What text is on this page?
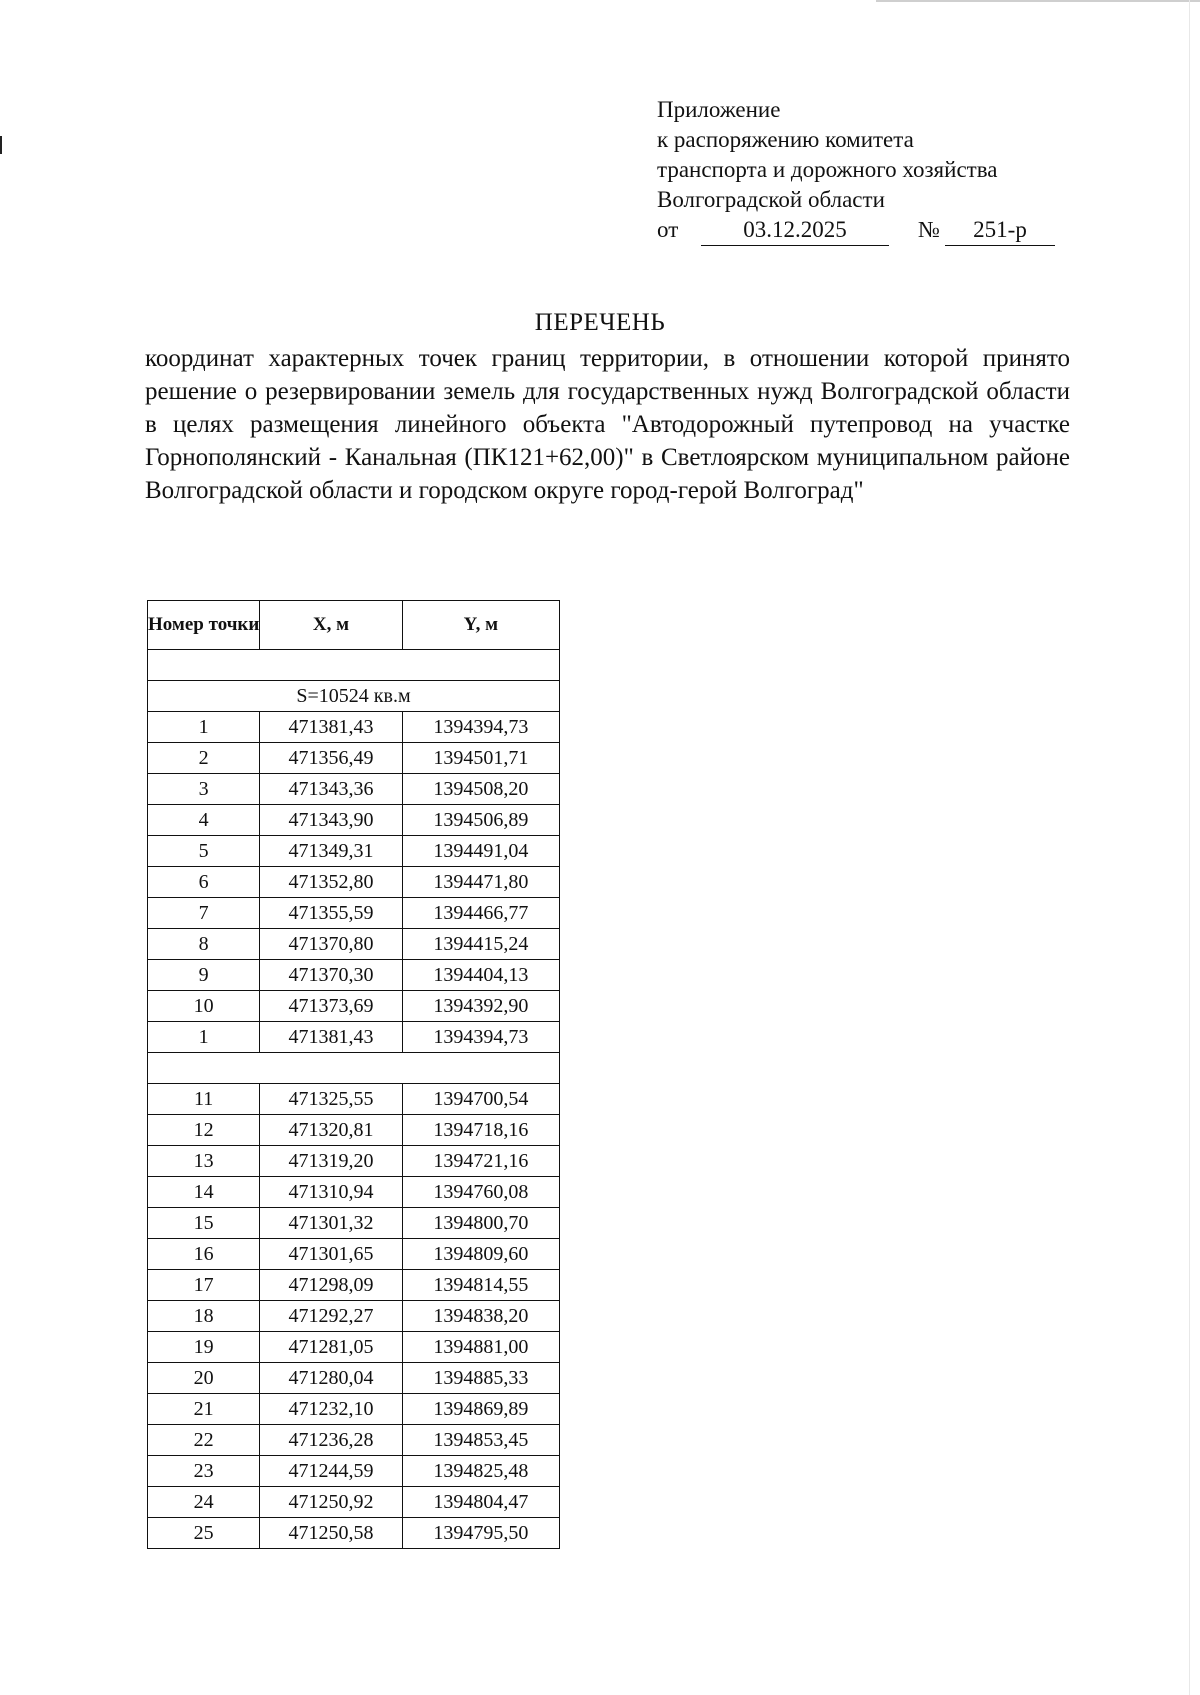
Приложение
к распоряжению комитета
транспорта и дорожного хозяйства
Волгоградской области
от	03.12.2025	№	251-р
ПЕРЕЧЕНЬ

координат характерных точек границ территории, в отношении которой принято решение о резервировании земель для государственных нужд Волгоградской области в целях размещения линейного объекта "Автодорожный путепровод на участке Горнополянский - Канальная (ПК121+62,00)" в Светлоярском муниципальном районе Волгоградской области и городском округе город-герой Волгоград"

Номер точки	X, м	Y, м

S=10524 кв.м		
1	471381,43	1394394,73
2	471356,49	1394501,71
3	471343,36	1394508,20
4	471343,90	1394506,89
5	471349,31	1394491,04
6	471352,80	1394471,80
7	471355,59	1394466,77
8	471370,80	1394415,24
9	471370,30	1394404,13
10	471373,69	1394392,90
1	471381,43	1394394,73

11	471325,55	1394700,54
12	471320,81	1394718,16
13	471319,20	1394721,16
14	471310,94	1394760,08
15	471301,32	1394800,70
16	471301,65	1394809,60
17	471298,09	1394814,55
18	471292,27	1394838,20
19	471281,05	1394881,00
20	471280,04	1394885,33
21	471232,10	1394869,89
22	471236,28	1394853,45
23	471244,59	1394825,48
24	471250,92	1394804,47
25	471250,58	1394795,50
